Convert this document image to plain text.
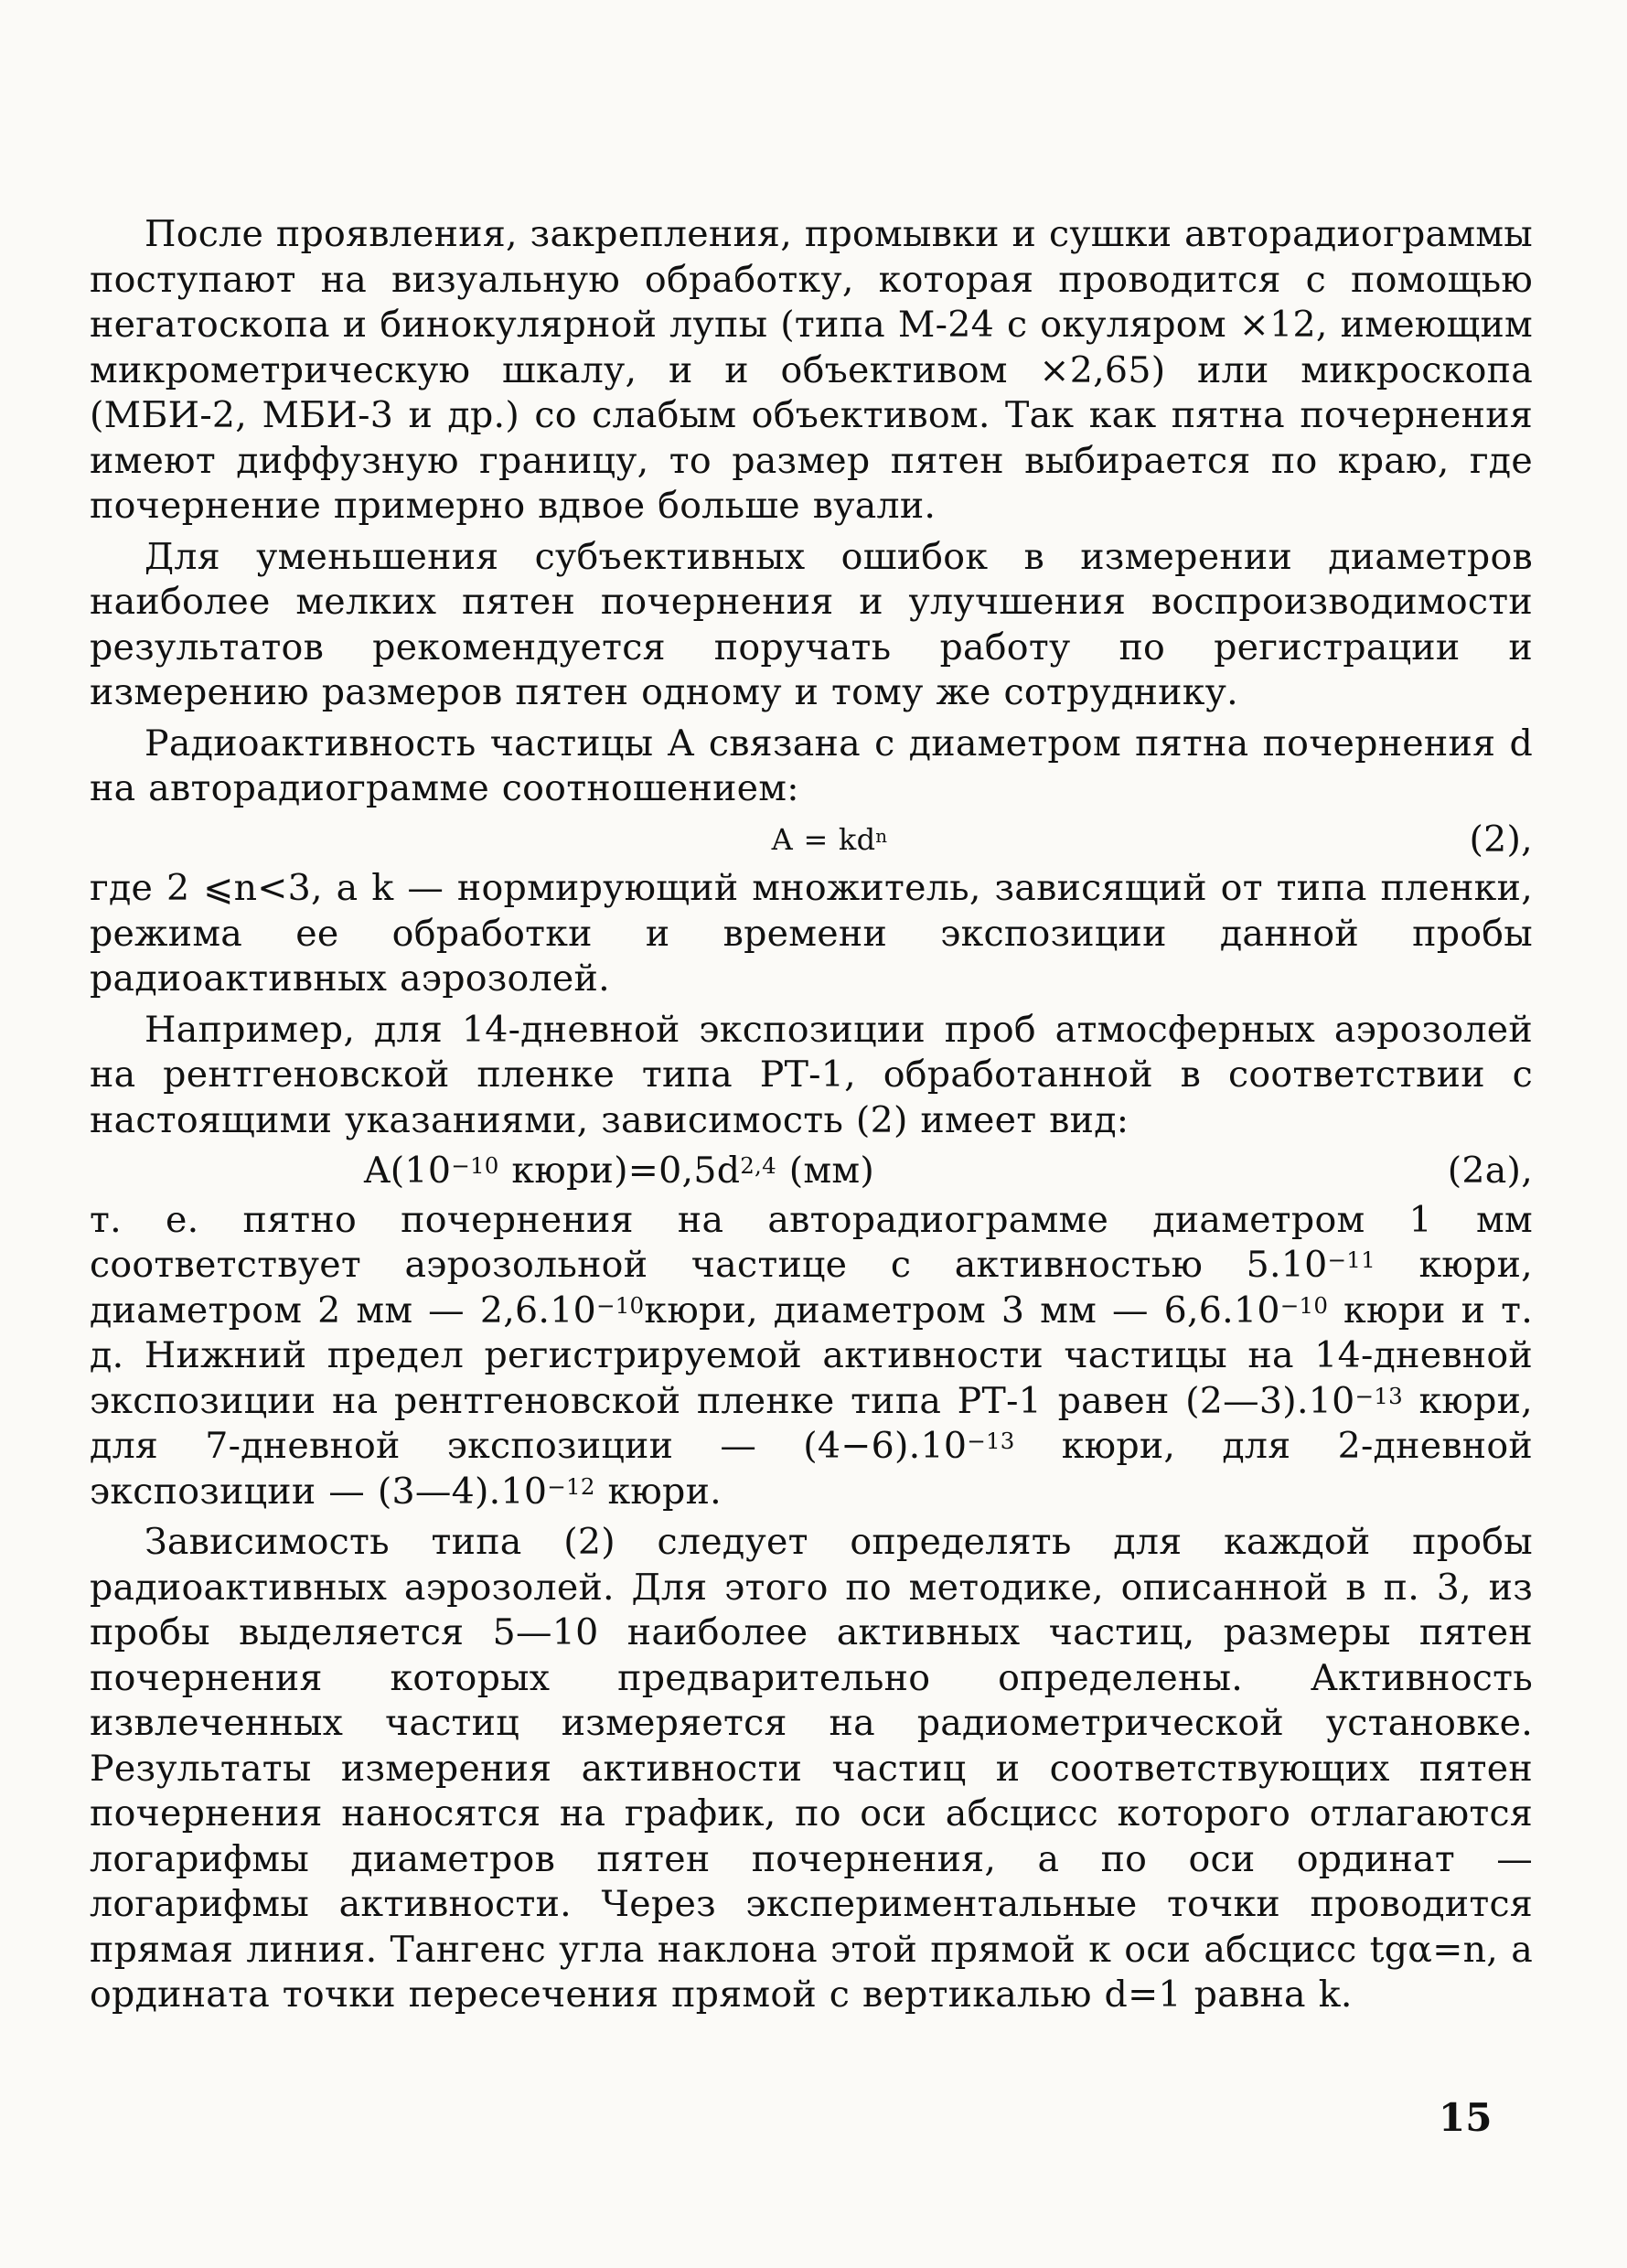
После проявления, закрепления, промывки и сушки авторадиограммы поступают на визуальную обработку, которая проводится с помощью негатоскопа и бинокулярной лупы (типа М-24 с окуляром ×12, имеющим микрометрическую шкалу, и и объективом ×2,65) или микроскопа (МБИ-2, МБИ-3 и др.) со слабым объективом. Так как пятна почернения имеют диффузную границу, то размер пятен выбирается по краю, где почернение примерно вдвое больше вуали.

Для уменьшения субъективных ошибок в измерении диаметров наиболее мелких пятен почернения и улучшения воспроизводимости результатов рекомендуется поручать работу по регистрации и измерению размеров пятен одному и тому же сотруднику.

Радиоактивность частицы А связана с диаметром пятна почернения d на авторадиограмме соотношением:

$A = kd^n$	(2),

где 2 ⩽n<3, a k — нормирующий множитель, зависящий от типа пленки, режима ее обработки и времени экспозиции данной пробы радиоактивных аэрозолей.

Например, для 14-дневной экспозиции проб атмосферных аэрозолей на рентгеновской пленке типа РТ-1, обработанной в соответствии с настоящими указаниями, зависимость (2) имеет вид:

$A(10^{-10}$ $кюри)=0,5d^{2,4}$ (мм)	(2а),

т. е. пятно почернения на авторадиограмме диаметром 1 мм соответствует аэрозольной частице с активностью $5.10^{-11}$ кюри, диаметром 2 мм — $2,6.10^{-10}кюри$, диаметром 3 мм — $6,6.10^{-10}$ кюри и т. д. Нижний предел регистрируемой активности частицы на 14-дневной экспозиции на рентгеновской пленке типа РТ-1 равен $(2—3).10^{-13}$ кюри, для 7-дневной экспозиции — $(4-6).10^{-13}$ кюри, для 2-дневной экспозиции — $(3—4).10^{-12}$ кюри.

Зависимость типа (2) следует определять для каждой пробы радиоактивных аэрозолей. Для этого по методике, описанной в п. 3, из пробы выделяется 5—10 наиболее активных частиц, размеры пятен почернения которых предварительно определены. Активность извлеченных частиц измеряется на радиометрической установке. Результаты измерения активности частиц и соответствующих пятен почернения наносятся на график, по оси абсцисс которого отлагаются логарифмы диаметров пятен почернения, а по оси ординат — логарифмы активности. Через экспериментальные точки проводится прямая линия. Тангенс угла наклона этой прямой к оси абсцисс tgα=n, а ордината точки пересечения прямой с вертикалью d=1 равна k.

15
